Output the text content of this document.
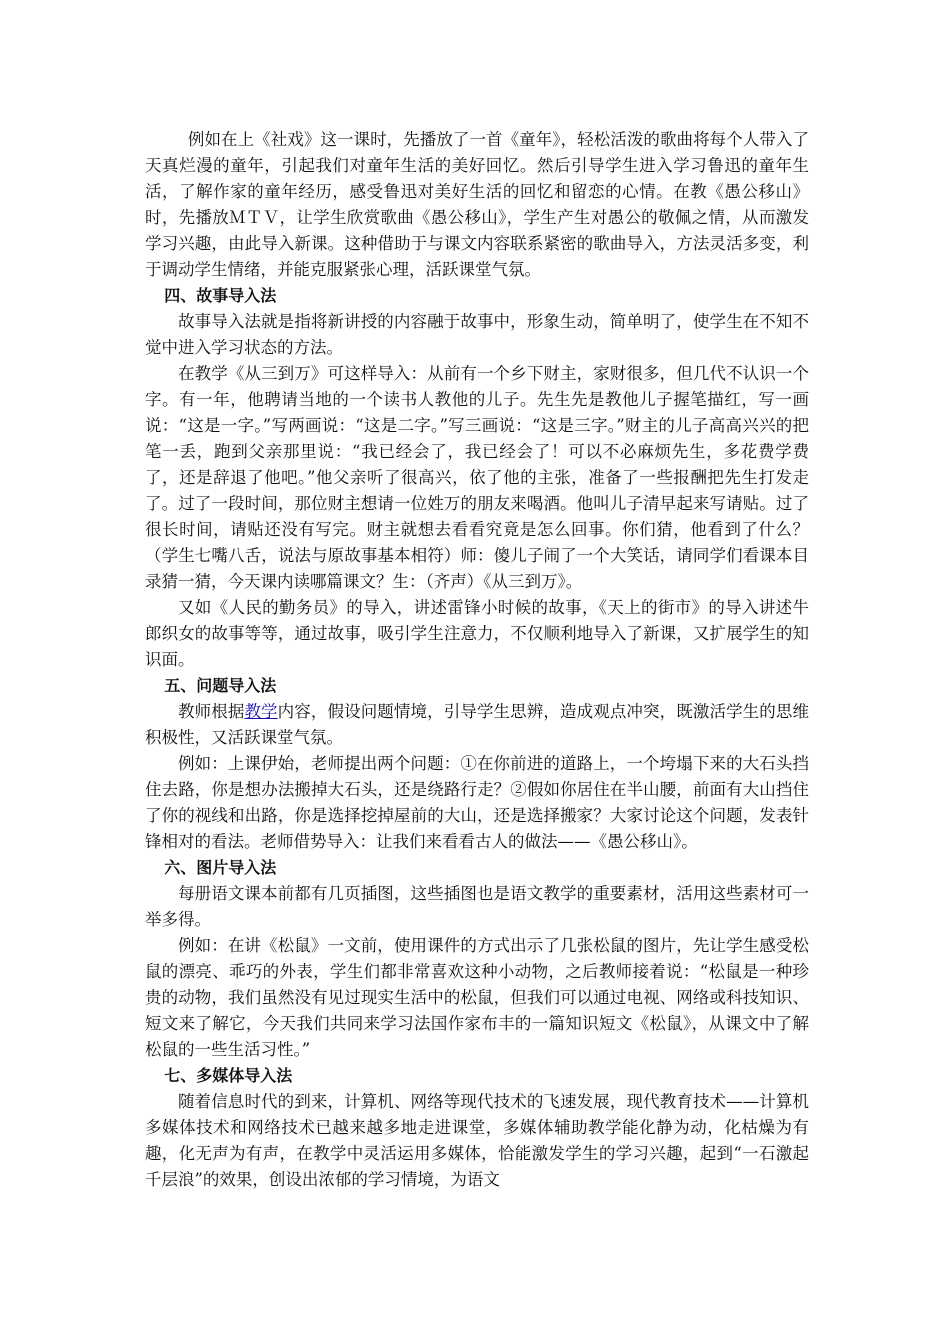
例如在上《社戏》这一课时，先播放了一首《童年》，轻松活泼的歌曲将每个人带入了天真烂漫的童年，引起我们对童年生活的美好回忆。然后引导学生进入学习鲁迅的童年生活，了解作家的童年经历，感受鲁迅对美好生活的回忆和留恋的心情。在教《愚公移山》时，先播放ＭＴＶ，让学生欣赏歌曲《愚公移山》，学生产生对愚公的敬佩之情，从而激发学习兴趣，由此导入新课。这种借助于与课文内容联系紧密的歌曲导入，方法灵活多变，利于调动学生情绪，并能克服紧张心理，活跃课堂气氛。

四、故事导入法

故事导入法就是指将新讲授的内容融于故事中，形象生动，简单明了，使学生在不知不觉中进入学习状态的方法。

在教学《从三到万》可这样导入：从前有一个乡下财主，家财很多，但几代不认识一个字。有一年，他聘请当地的一个读书人教他的儿子。先生先是教他儿子握笔描红，写一画说：“这是一字。”写两画说：“这是二字。”写三画说：“这是三字。”财主的儿子高高兴兴的把笔一丢，跑到父亲那里说：“我已经会了，我已经会了！可以不必麻烦先生，多花费学费了，还是辞退了他吧。”他父亲听了很高兴，依了他的主张，准备了一些报酬把先生打发走了。过了一段时间，那位财主想请一位姓万的朋友来喝酒。他叫儿子清早起来写请贴。过了很长时间，请贴还没有写完。财主就想去看看究竟是怎么回事。你们猜，他看到了什么？（学生七嘴八舌，说法与原故事基本相符）师：傻儿子闹了一个大笑话，请同学们看课本目录猜一猜，今天课内读哪篇课文？生：（齐声）《从三到万》。

又如《人民的勤务员》的导入，讲述雷锋小时候的故事，《天上的街市》的导入讲述牛郎织女的故事等等，通过故事，吸引学生注意力，不仅顺利地导入了新课，又扩展学生的知识面。

五、问题导入法

教师根据教学内容，假设问题情境，引导学生思辨，造成观点冲突，既激活学生的思维积极性，又活跃课堂气氛。

例如：上课伊始，老师提出两个问题：①在你前进的道路上，一个垮塌下来的大石头挡住去路，你是想办法搬掉大石头，还是绕路行走？②假如你居住在半山腰，前面有大山挡住了你的视线和出路，你是选择挖掉屋前的大山，还是选择搬家？大家讨论这个问题，发表针锋相对的看法。老师借势导入：让我们来看看古人的做法——《愚公移山》。

六、图片导入法

每册语文课本前都有几页插图，这些插图也是语文教学的重要素材，活用这些素材可一举多得。

例如：在讲《松鼠》一文前，使用课件的方式出示了几张松鼠的图片，先让学生感受松鼠的漂亮、乖巧的外表，学生们都非常喜欢这种小动物，之后教师接着说：“松鼠是一种珍贵的动物，我们虽然没有见过现实生活中的松鼠，但我们可以通过电视、网络或科技知识、短文来了解它，今天我们共同来学习法国作家布丰的一篇知识短文《松鼠》，从课文中了解松鼠的一些生活习性。”

七、多媒体导入法

随着信息时代的到来，计算机、网络等现代技术的飞速发展，现代教育技术——计算机多媒体技术和网络技术已越来越多地走进课堂，多媒体辅助教学能化静为动，化枯燥为有趣，化无声为有声，在教学中灵活运用多媒体，恰能激发学生的学习兴趣，起到“一石激起千层浪”的效果，创设出浓郁的学习情境，为语文
